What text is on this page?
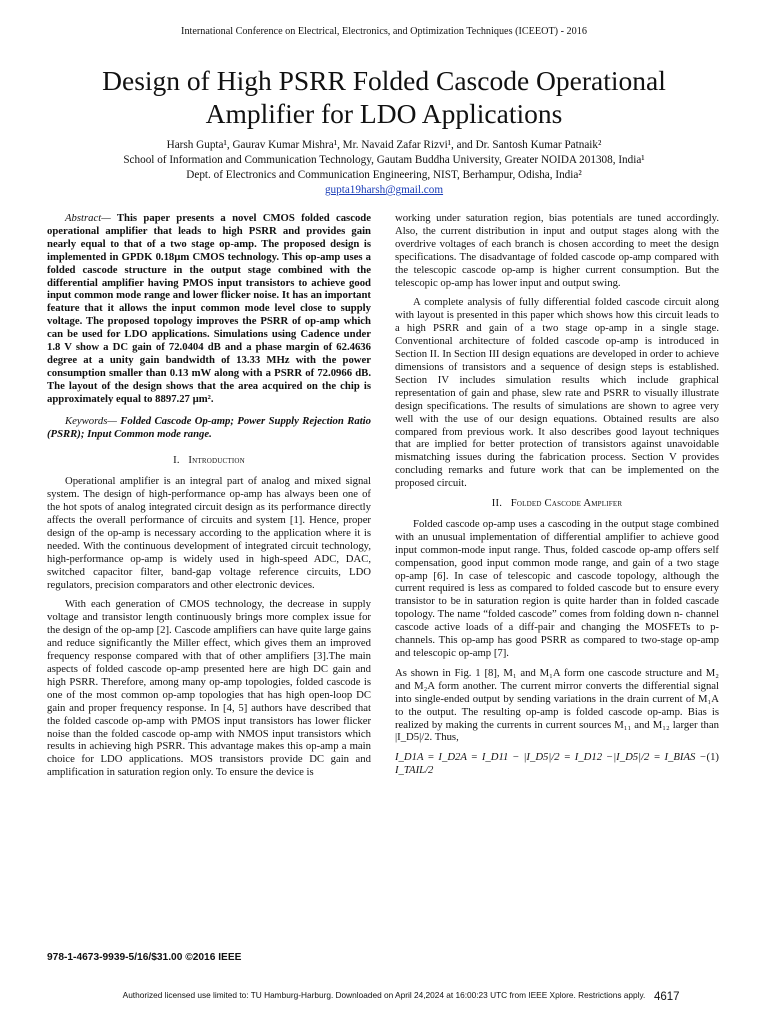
International Conference on Electrical, Electronics, and Optimization Techniques (ICEEOT) - 2016
Design of High PSRR Folded Cascode Operational
Amplifier for LDO Applications
Harsh Gupta¹, Gaurav Kumar Mishra¹, Mr. Navaid Zafar Rizvi¹, and Dr. Santosh Kumar Patnaik²
School of Information and Communication Technology, Gautam Buddha University, Greater NOIDA 201308, India¹
Dept. of Electronics and Communication Engineering, NIST, Berhampur, Odisha, India²
gupta19harsh@gmail.com

Abstract— This paper presents a novel CMOS folded cascode operational amplifier that leads to high PSRR and provides gain nearly equal to that of a two stage op-amp. The proposed design is implemented in GPDK 0.18µm CMOS technology. This op-amp uses a folded cascode structure in the output stage combined with the differential amplifier having PMOS input transistors to achieve good input common mode range and lower flicker noise. It has an important feature that it allows the input common mode level close to supply voltage. The proposed topology improves the PSRR of op-amp which can be used for LDO applications. Simulations using Cadence under 1.8 V show a DC gain of 72.0404 dB and a phase margin of 62.4636 degree at a unity gain bandwidth of 13.33 MHz with the power consumption smaller than 0.13 mW along with a PSRR of 72.0966 dB. The layout of the design shows that the area acquired on the chip is approximately equal to 8897.27 µm².

Keywords— Folded Cascode Op-amp; Power Supply Rejection Ratio (PSRR); Input Common mode range.

I. Introduction

Operational amplifier is an integral part of analog and mixed signal system. The design of high-performance op-amp has always been one of the hot spots of analog integrated circuit design as its performance directly affects the overall performance of circuits and system [1]. Hence, proper design of the op-amp is necessary according to the application where it is needed. With the continuous development of integrated circuit technology, high-performance op-amp is widely used in high-speed ADC, DAC, switched capacitor filter, band-gap voltage reference circuits, LDO regulators, precision comparators and other electronic devices.

With each generation of CMOS technology, the decrease in supply voltage and transistor length continuously brings more complex issue for the design of the op-amp [2]. Cascode amplifiers can have quite large gains and reduce significantly the Miller effect, which gives them an improved frequency response compared with that of other amplifiers [3].The main aspects of folded cascode op-amp presented here are high DC gain and high PSRR. Therefore, among many op-amp topologies, folded cascode is one of the most common op-amp topologies that has high open-loop DC gain and proper frequency response. In [4, 5] authors have described that the folded cascode op-amp with PMOS input transistors has lower flicker noise than the folded cascode op-amp with NMOS input transistors which results in achieving high PSRR. This advantage makes this op-amp a main choice for LDO applications. MOS transistors provide DC gain and amplification in saturation region only. To ensure the device is

working under saturation region, bias potentials are tuned accordingly. Also, the current distribution in input and output stages along with the overdrive voltages of each branch is chosen according to meet the design specifications. The disadvantage of folded cascode op-amp compared with the telescopic cascode op-amp is higher current consumption. But the telescopic op-amp has lower input and output swing.

A complete analysis of fully differential folded cascode circuit along with layout is presented in this paper which shows how this circuit leads to a high PSRR and gain of a two stage op-amp in a single stage. Conventional architecture of folded cascode op-amp is introduced in Section II. In Section III design equations are developed in order to achieve dimensions of transistors and a sequence of design steps is established. Section IV includes simulation results which include graphical representation of gain and phase, slew rate and PSRR to visually illustrate design specifications. The results of simulations are shown to agree very well with the use of our design equations. Obtained results are also compared from previous work. It also describes good layout techniques that are implied for better protection of transistors against unavoidable mismatching issues during the fabrication process. Section V provides concluding remarks and future work that can be implemented on the proposed circuit.

II. Folded Cascode Amplifer

Folded cascode op-amp uses a cascoding in the output stage combined with an unusual implementation of differential amplifier to achieve good input common-mode input range. Thus, folded cascode op-amp offers self compensation, good input common mode range, and gain of a two stage op-amp [6]. In case of telescopic and cascode topology, although the current required is less as compared to folded cascode but to ensure every transistor to be in saturation region is quite harder than in folded cascade topology. The name “folded cascode” comes from folding down n- channel cascode active loads of a diff-pair and changing the MOSFETs to p-channels. This op-amp has good PSRR as compared to two-stage op-amp and telescopic op-amp [7].

As shown in Fig. 1 [8], M₁ and M₁A form one cascode structure and M₂ and M₂A form another. The current mirror converts the differential signal into single-ended output by sending variations in the drain current of M₁A to the output. The resulting op-amp is folded cascode op-amp. Bias is realized by making the currents in current sources M₁₁ and M₁₂ larger than |I_D5|/2. Thus,

I_D1A = I_D2A = I_D11 − |I_D5|/2 = I_D12 −|I_D5|/2 = I_BIAS − I_TAIL/2
(1)

978-1-4673-9939-5/16/$31.00 ©2016 IEEE
Authorized licensed use limited to: TU Hamburg-Harburg. Downloaded on April 24,2024 at 16:00:23 UTC from IEEE Xplore. Restrictions apply. 4617
